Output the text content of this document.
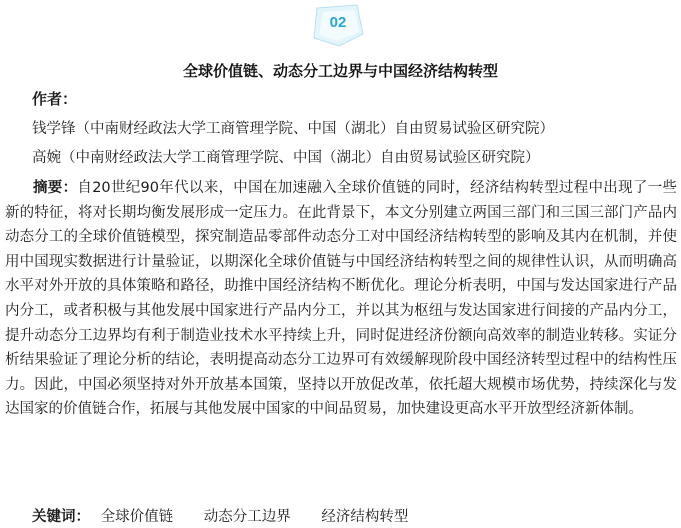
02
全球价值链、动态分工边界与中国经济结构转型
作者：
钱学锋（中南财经政法大学工商管理学院、中国（湖北）自由贸易试验区研究院）
高婉（中南财经政法大学工商管理学院、中国（湖北）自由贸易试验区研究院）

摘要：自20世纪90年代以来，中国在加速融入全球价值链的同时，经济结构转型过程中出现了一些新的特征，将对长期均衡发展形成一定压力。在此背景下，本文分别建立两国三部门和三国三部门产品内动态分工的全球价值链模型，探究制造品零部件动态分工对中国经济结构转型的影响及其内在机制，并使用中国现实数据进行计量验证，以期深化全球价值链与中国经济结构转型之间的规律性认识，从而明确高水平对外开放的具体策略和路径，助推中国经济结构不断优化。理论分析表明，中国与发达国家进行产品内分工，或者积极与其他发展中国家进行产品内分工，并以其为枢纽与发达国家进行间接的产品内分工，提升动态分工边界均有利于制造业技术水平持续上升，同时促进经济份额向高效率的制造业转移。实证分析结果验证了理论分析的结论，表明提高动态分工边界可有效缓解现阶段中国经济转型过程中的结构性压力。因此，中国必须坚持对外开放基本国策，坚持以开放促改革，依托超大规模市场优势，持续深化与发达国家的价值链合作，拓展与其他发展中国家的中间品贸易，加快建设更高水平开放型经济新体制。

关键词： 全球价值链 动态分工边界 经济结构转型
